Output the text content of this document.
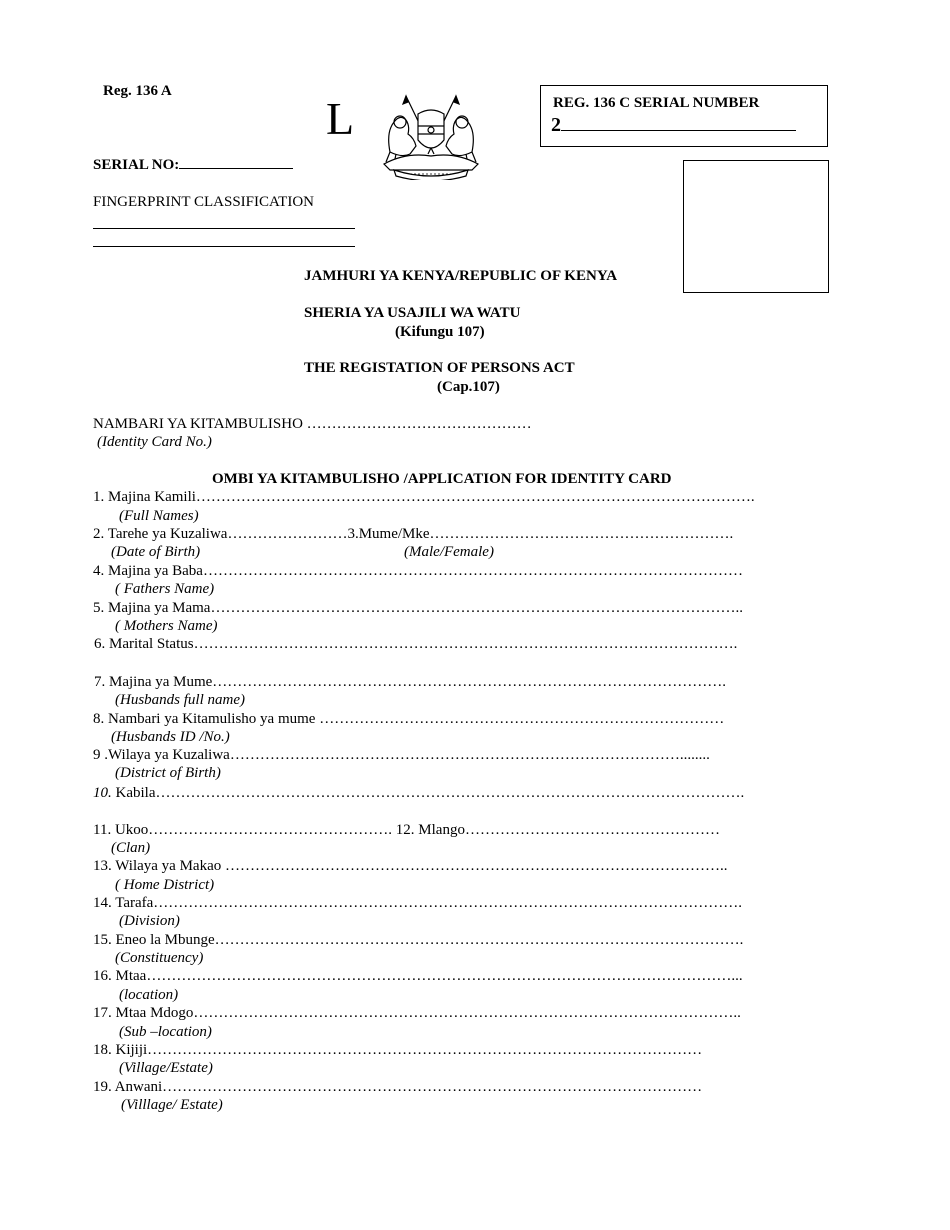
Reg. 136 A
L	REG. 136 C SERIAL NUMBER
2
SERIAL NO:
FINGERPRINT CLASSIFICATION
JAMHURI YA KENYA/REPUBLIC OF KENYA
SHERIA YA USAJILI WA WATU
(Kifungu 107)
THE REGISTATION OF PERSONS ACT
(Cap.107)
NAMBARI YA KITAMBULISHO ………………………………………
(Identity Card No.)
OMBI YA KITAMBULISHO /APPLICATION FOR IDENTITY CARD
1. Majina Kamili………………………………………………………………………………………………….
(Full Names)
2. Tarehe ya Kuzaliwa……………………3.Mume/Mke…………………………………………………….
(Date of Birth)	(Male/Female)
4. Majina ya Baba………………………………………………………………………………………………
( Fathers Name)
5. Majina ya Mama……………………………………………………………………………………………..
( Mothers Name)
6. Marital Status……………………………………………………………………………………………….
7. Majina ya Mume………………………………………………………………………………………….
(Husbands full name)
8. Nambari ya Kitamulisho ya mume ………………………………………………………………………
(Husbands ID /No.)
9 .Wilaya ya Kuzaliwa………………………………………………………………………………........
(District of Birth)
10. Kabila……………………………………………………………………………………………………….
11. Ukoo…………………………………………. 12. Mlango……………………………………………
(Clan)
13. Wilaya ya Makao ………………………………………………………………………………………..
( Home District)
14. Tarafa……………………………………………………………………………………………………….
(Division)
15. Eneo la Mbunge…………………………………………………………………………………………….
(Constituency)
16. Mtaa………………………………………………………………………………………………………...
(location)
17. Mtaa Mdogo………………………………………………………………………………………………..
(Sub –location)
18. Kijiji…………………………………………………………………………………………………
(Village/Estate)
19. Anwani………………………………………………………………………………………………
(Villlage/ Estate)
